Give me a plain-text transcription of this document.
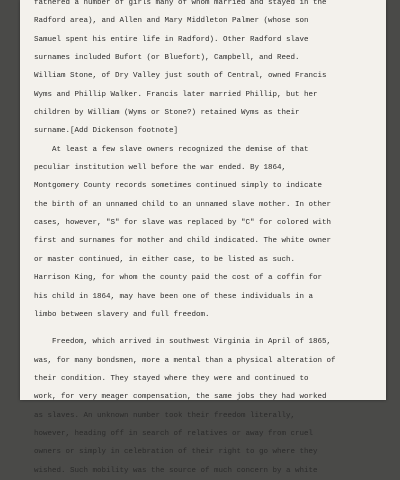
fathered a number of girls many of whom married and stayed in the
Radford area), and Allen and Mary Middleton Palmer (whose son
Samuel spent his entire life in Radford). Other Radford slave
surnames included Bufort (or Bluefort), Campbell, and Reed.
William Stone, of Dry Valley just south of Central, owned Francis
Wyms and Phillip Walker. Francis later married Phillip, but her
children by William (Wyms or Stone?) retained Wyms as their
surname.[Add Dickenson footnote]
At least a few slave owners recognized the demise of that
peculiar institution well before the war ended. By 1864,
Montgomery County records sometimes continued simply to indicate
the birth of an unnamed child to an unnamed slave mother. In other
cases, however, "S" for slave was replaced by "C" for colored with
first and surnames for mother and child indicated. The white owner
or master continued, in either case, to be listed as such.
Harrison King, for whom the county paid the cost of a coffin for
his child in 1864, may have been one of these individuals in a
limbo between slavery and full freedom.
Freedom, which arrived in southwest Virginia in April of 1865,
was, for many bondsmen, more a mental than a physical alteration of
their condition. They stayed where they were and continued to
work, for very meager compensation, the same jobs they had worked
as slaves. An unknown number took their freedom literally,
however, heading off in search of relatives or away from cruel
owners or simply in celebration of their right to go where they
wished. Such mobility was the source of much concern by a white
